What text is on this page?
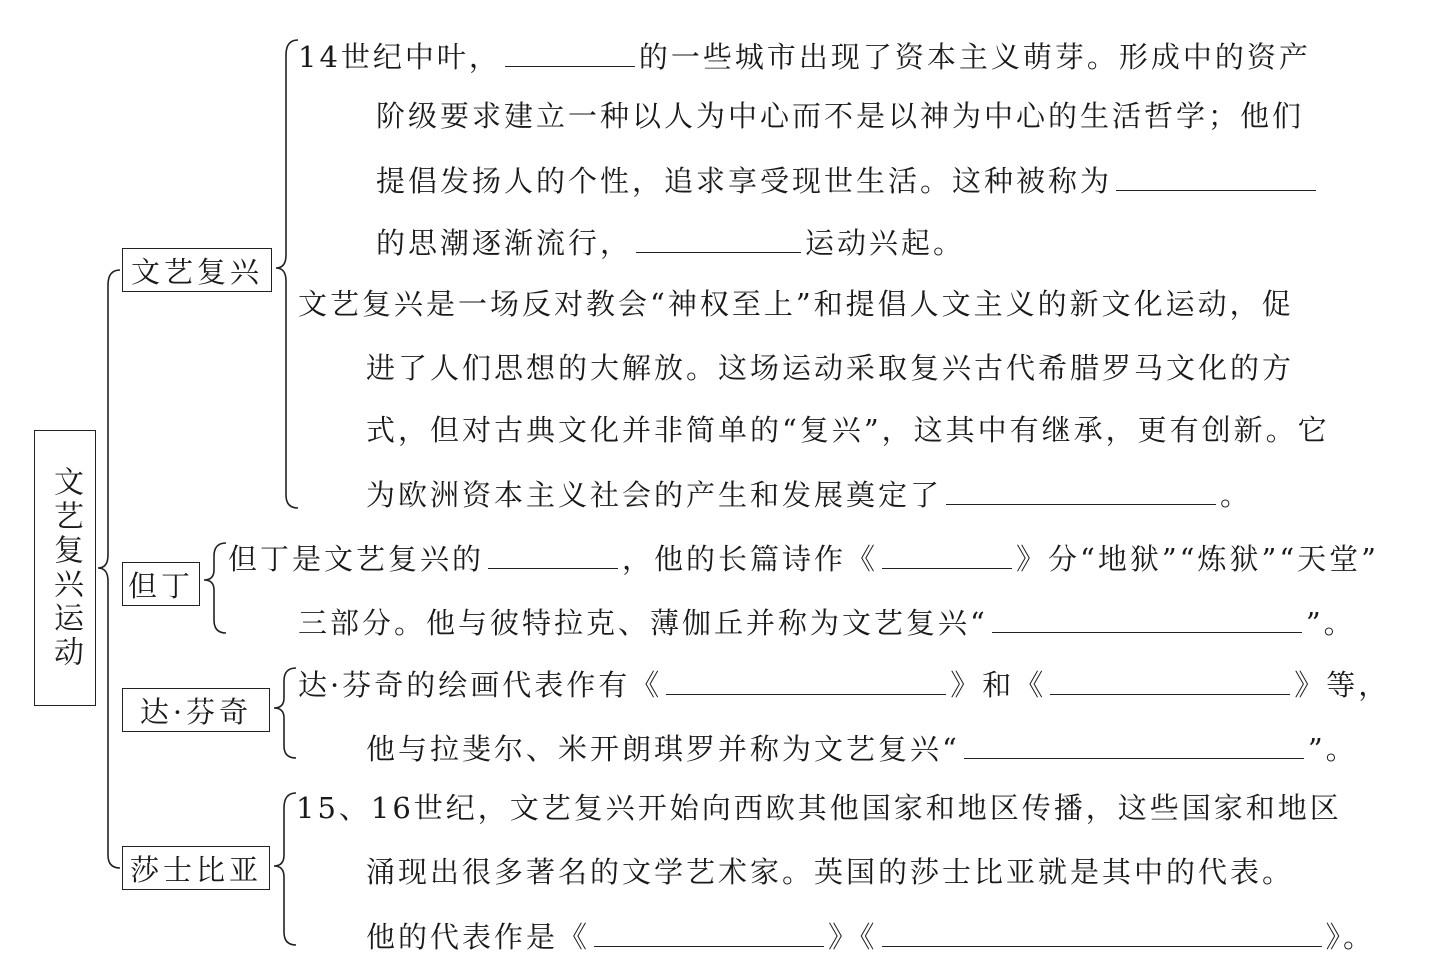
文艺复兴运动
文艺复兴
但丁
达·芬奇
莎士比亚
14世纪中叶，	的一些城市出现了资本主义萌芽。形成中的资产
阶级要求建立一种以人为中心而不是以神为中心的生活哲学；他们
提倡发扬人的个性，追求享受现世生活。这种被称为
的思潮逐渐流行，	运动兴起。
文艺复兴是一场反对教会“神权至上”和提倡人文主义的新文化运动，促
进了人们思想的大解放。这场运动采取复兴古代希腊罗马文化的方
式，但对古典文化并非简单的“复兴”，这其中有继承，更有创新。它
为欧洲资本主义社会的产生和发展奠定了	。
但丁是文艺复兴的	，他的长篇诗作《	》分“地狱”“炼狱”“天堂”
三部分。他与彼特拉克、薄伽丘并称为文艺复兴“	”。
达·芬奇的绘画代表作有《	》和《	》等，
他与拉斐尔、米开朗琪罗并称为文艺复兴“	”。
15、16世纪，文艺复兴开始向西欧其他国家和地区传播，这些国家和地区
涌现出很多著名的文学艺术家。英国的莎士比亚就是其中的代表。
他的代表作是《	》《	》。
